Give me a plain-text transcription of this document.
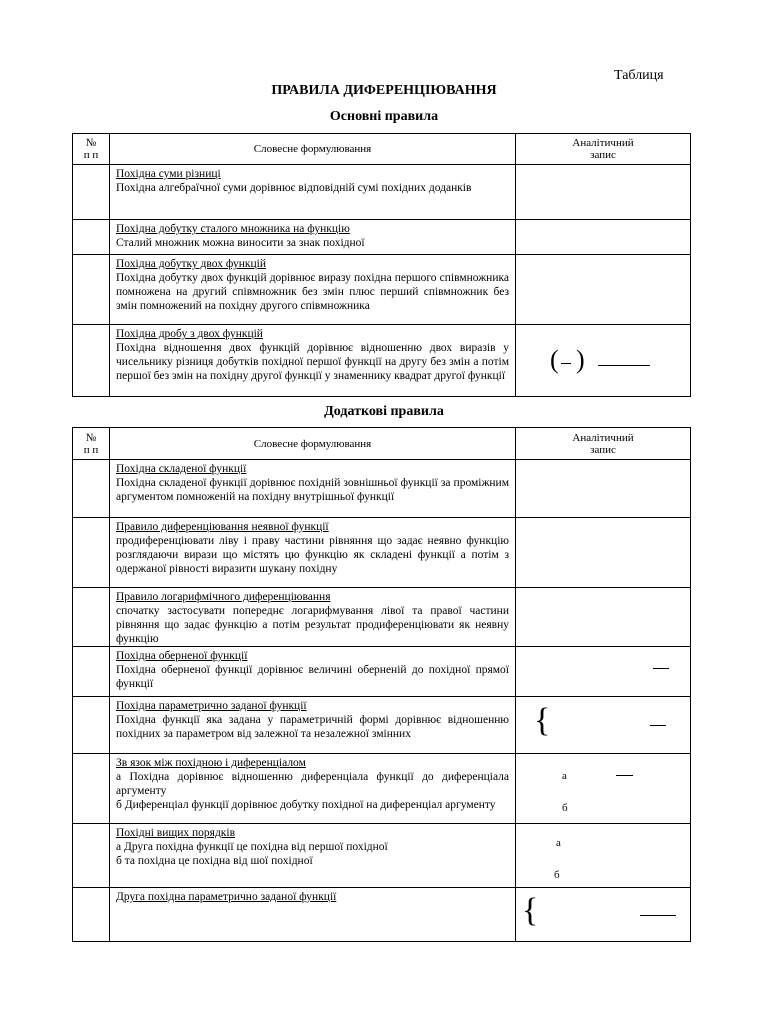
Таблиця
ПРАВИЛА ДИФЕРЕНЦІЮВАННЯ
Основні правила
№
п п	Словесне формулювання	Аналітичний
запис

	Похідна суми різниці
Похідна алгебраїчної суми дорівнює відповідній сумі похідних доданків	

	Похідна добутку сталого множника на функцію
Сталий множник можна виносити за знак похідної	

	Похідна добутку двох функцій
Похідна добутку двох функцій дорівнює виразу похідна першого співмножника помножена на другий співмножник без змін плюс перший співмножник без змін помножений на похідну другого співмножника	

	Похідна дробу з двох функцій
Похідна відношення двох функцій дорівнює відношенню двох виразів у чисельнику різниця добутків похідної першої функції на другу без змін а потім першої без змін на похідну другої функції у знаменнику квадрат другої функції	( )
Додаткові правила
№
п п	Словесне формулювання	Аналітичний
запис

	Похідна складеної функції
Похідна складеної функції дорівнює похідній зовнішньої функції за проміжним аргументом помноженій на похідну внутрішньої функції	

	Правило диференціювання неявної функції
продиференціювати ліву і праву частини рівняння що задає неявно функцію розглядаючи вирази що містять цю функцію як складені функції а потім з одержаної рівності виразити шукану похідну	

	Правило логарифмічного диференціювання
спочатку застосувати попереднє логарифмування лівої та правої частини рівняння що задає функцію а потім результат продиференціювати як неявну функцію	

	Похідна оберненої функції
Похідна оберненої функції дорівнює величині оберненій до похідної прямої функції	

	Похідна параметрично заданої функції
Похідна функції яка задана у параметричній формі дорівнює відношенню похідних за параметром від залежної та незалежної змінних	{

	Зв язок між похідною і диференціалом
а Похідна дорівнює відношенню диференціала функції до диференціала аргументу
б Диференціал функції дорівнює добутку похідної на диференціал аргументу	а
б

	Похідні вищих порядків
а Друга похідна функції це похідна від першої похідної
б та похідна це похідна від шої похідної	а
б

	Друга похідна параметрично заданої функції	{
